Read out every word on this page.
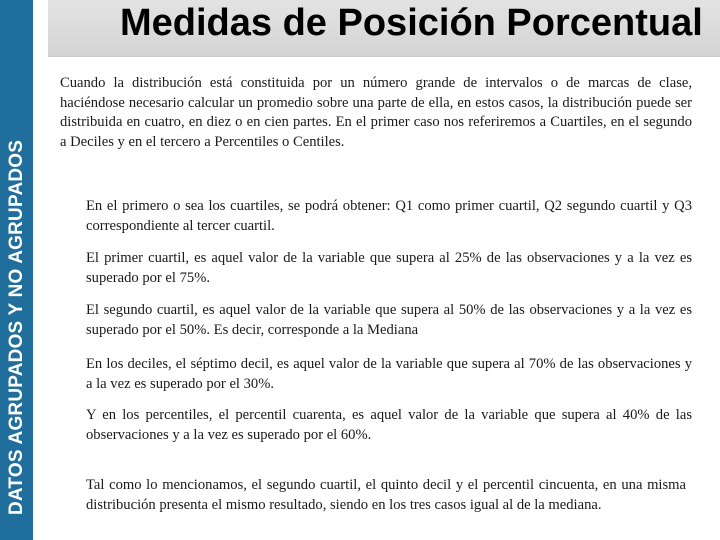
DATOS AGRUPADOS Y NO AGRUPADOS
Medidas de Posición Porcentual
Cuando la distribución está constituida por un número grande de intervalos o de marcas de clase, haciéndose necesario calcular un promedio sobre una parte de ella, en estos casos, la distribución puede ser distribuida en cuatro, en diez o en cien partes. En el primer caso nos referiremos a Cuartiles, en el segundo a Deciles y en el tercero a Percentiles o Centiles.
En el primero o sea los cuartiles, se podrá obtener: Q1 como primer cuartil, Q2 segundo cuartil y Q3 correspondiente al tercer cuartil.
El primer cuartil, es aquel valor de la variable que supera al 25% de las observaciones y a la vez es superado por el 75%.
El segundo cuartil, es aquel valor de la variable que supera al 50% de las observaciones y a la vez es superado por el 50%. Es decir, corresponde a la Mediana
En los deciles, el séptimo decil, es aquel valor de la variable que supera al 70% de las observaciones y a la vez es superado por el 30%.
Y en los percentiles, el percentil cuarenta, es aquel valor de la variable que supera al 40% de las observaciones y a la vez es superado por el 60%.
Tal como lo mencionamos, el segundo cuartil, el quinto decil y el percentil cincuenta, en una misma distribución presenta el mismo resultado, siendo en los tres casos igual al de la mediana.
